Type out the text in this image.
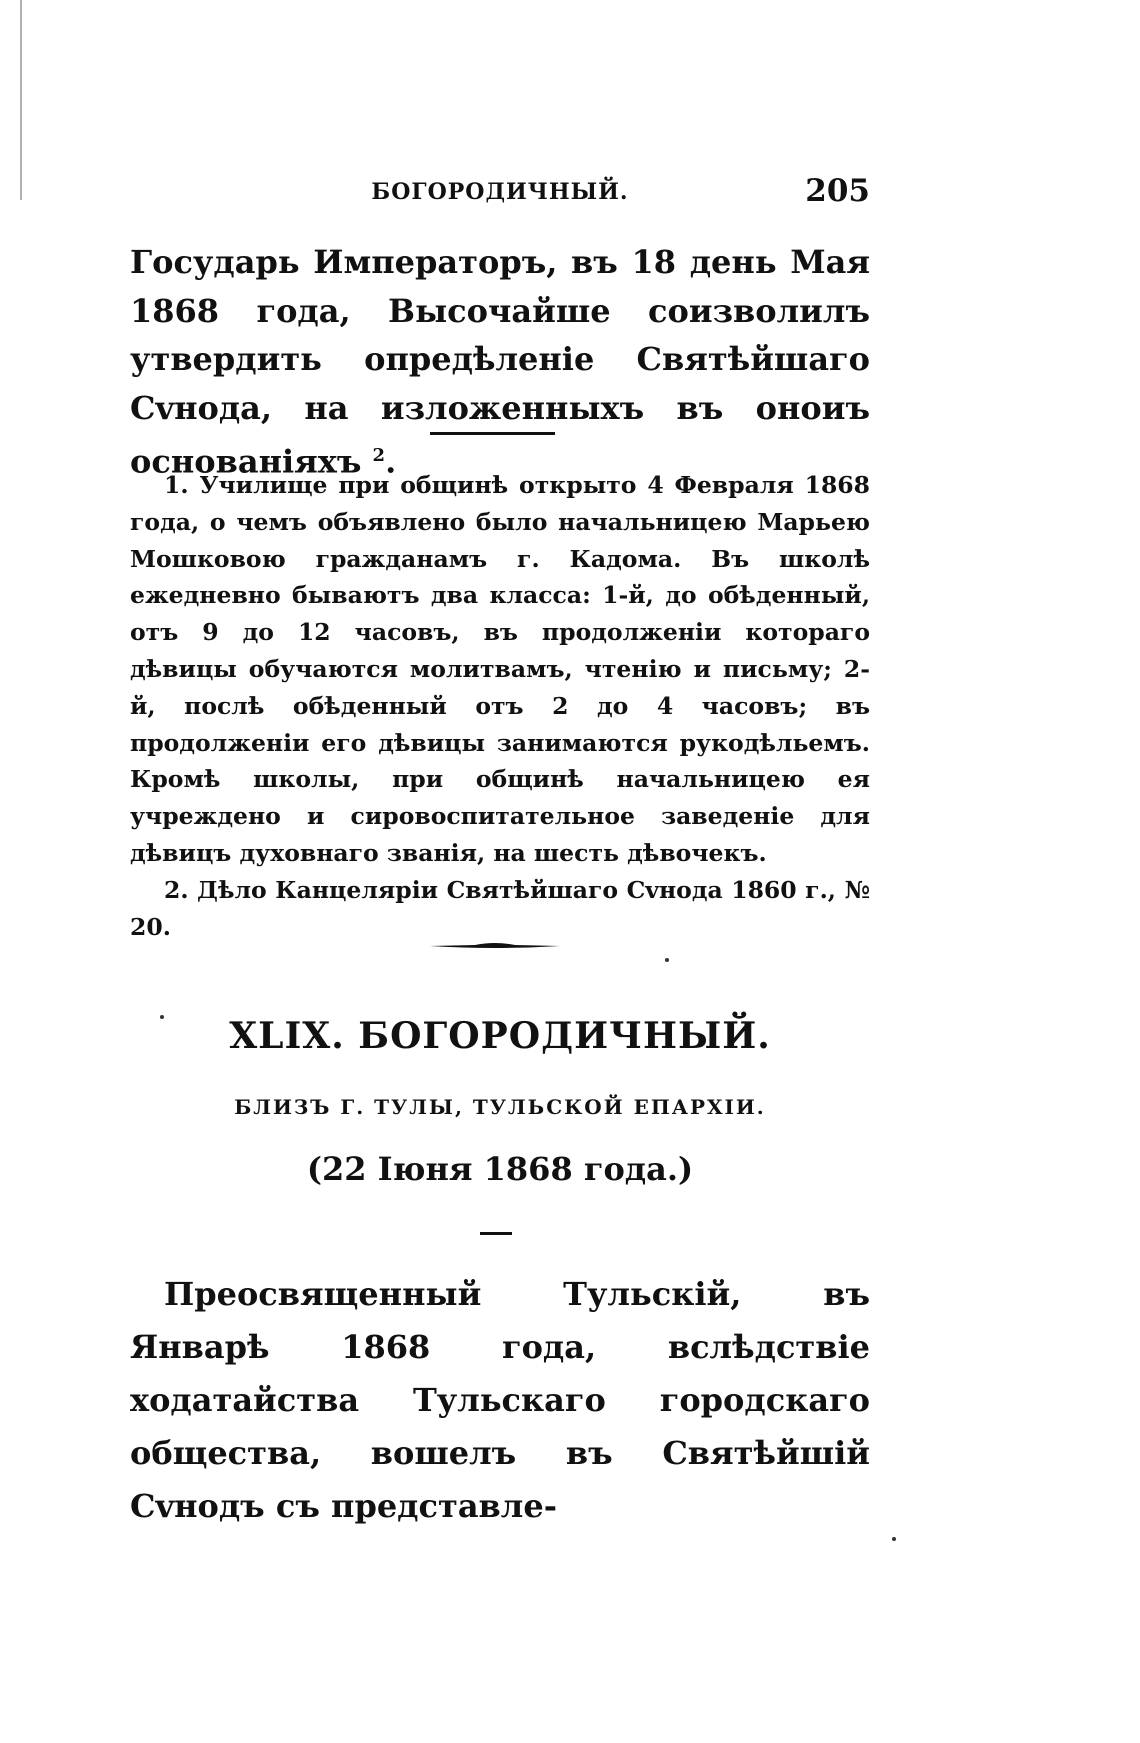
БОГОРОДИЧНЫЙ.	205
Государь Императоръ, въ 18 день Мая 1868 года, Высочайше соизволилъ утвердить опредѣленіе Святѣйшаго Сvнода, на изложенныхъ въ оноиъ основаніяхъ $^2$.

1. Училище при общинѣ открыто 4 Февраля 1868 года, о чемъ объявлено было начальницею Марьею Мошковою гражданамъ г. Кадома. Въ школѣ ежедневно бываютъ два класса: 1-й, до обѣденный, отъ 9 до 12 часовъ, въ продолженіи котораго дѣвицы обучаются молитвамъ, чтенію и письму; 2-й, послѣ обѣденный отъ 2 до 4 часовъ; въ продолженіи его дѣвицы занимаются рукодѣльемъ. Кромѣ школы, при общинѣ начальницею ея учреждено и сировоспитательное заведеніе для дѣвицъ духовнаго званія, на шесть дѣвочекъ.

2. Дѣло Канцеляріи Святѣйшаго Сvнода 1860 г., № 20.

XLIX. БОГОРОДИЧНЫЙ.
БЛИЗЪ Г. ТУЛЫ, ТУЛЬСКОЙ ЕПАРХІИ.
(22 Іюня 1868 года.)
Преосвященный Тульскій, въ Январѣ 1868 года, вслѣдствіе ходатайства Тульскаго городскаго общества, вошелъ въ Святѣйшій Сvнодъ съ представле-
